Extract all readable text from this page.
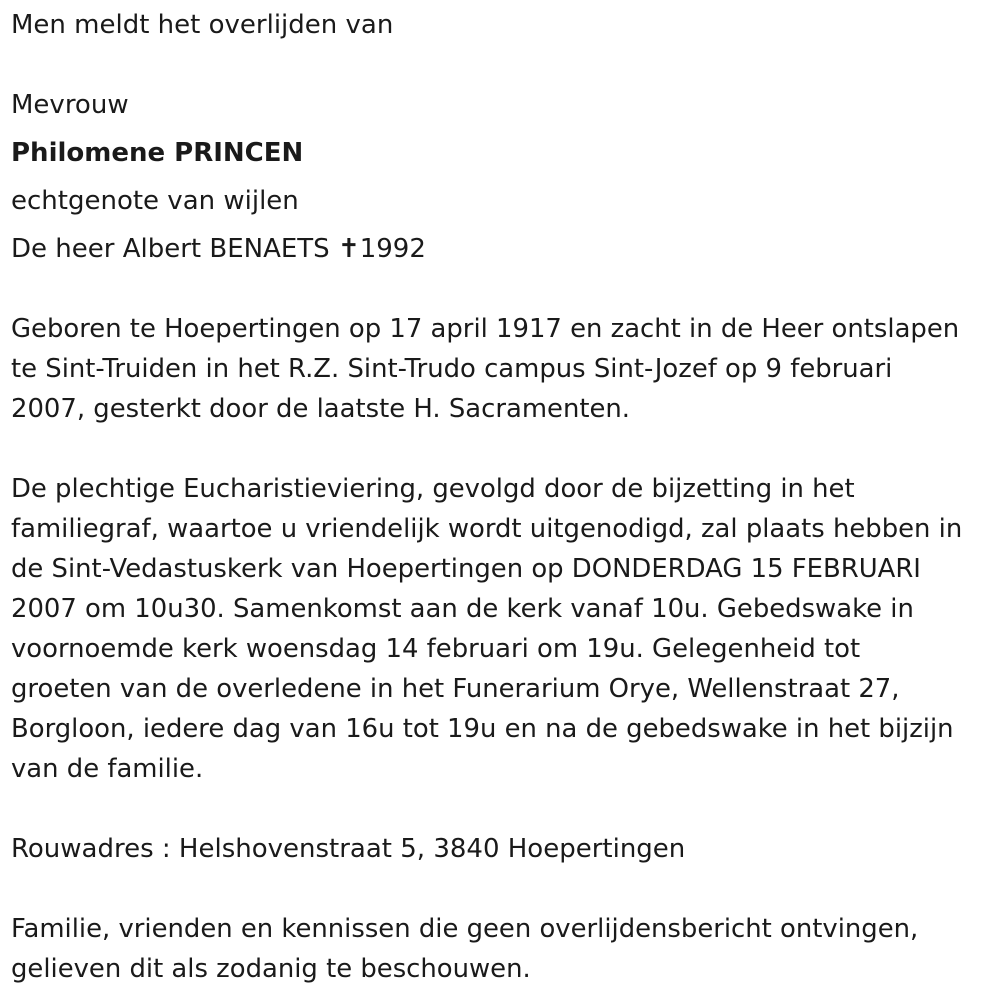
Men meldt het overlijden van
Mevrouw
Philomene PRINCEN
echtgenote van wijlen
De heer Albert BENAETS ✝1992
Geboren te Hoepertingen op 17 april 1917 en zacht in de Heer ontslapen
te Sint-Truiden in het R.Z. Sint-Trudo campus Sint-Jozef op 9 februari
2007, gesterkt door de laatste H. Sacramenten.
De plechtige Eucharistieviering, gevolgd door de bijzetting in het
familiegraf, waartoe u vriendelijk wordt uitgenodigd, zal plaats hebben in
de Sint-Vedastuskerk van Hoepertingen op DONDERDAG 15 FEBRUARI
2007 om 10u30. Samenkomst aan de kerk vanaf 10u. Gebedswake in
voornoemde kerk woensdag 14 februari om 19u. Gelegenheid tot
groeten van de overledene in het Funerarium Orye, Wellenstraat 27,
Borgloon, iedere dag van 16u tot 19u en na de gebedswake in het bijzijn
van de familie.
Rouwadres : Helshovenstraat 5, 3840 Hoepertingen
Familie, vrienden en kennissen die geen overlijdensbericht ontvingen,
gelieven dit als zodanig te beschouwen.
